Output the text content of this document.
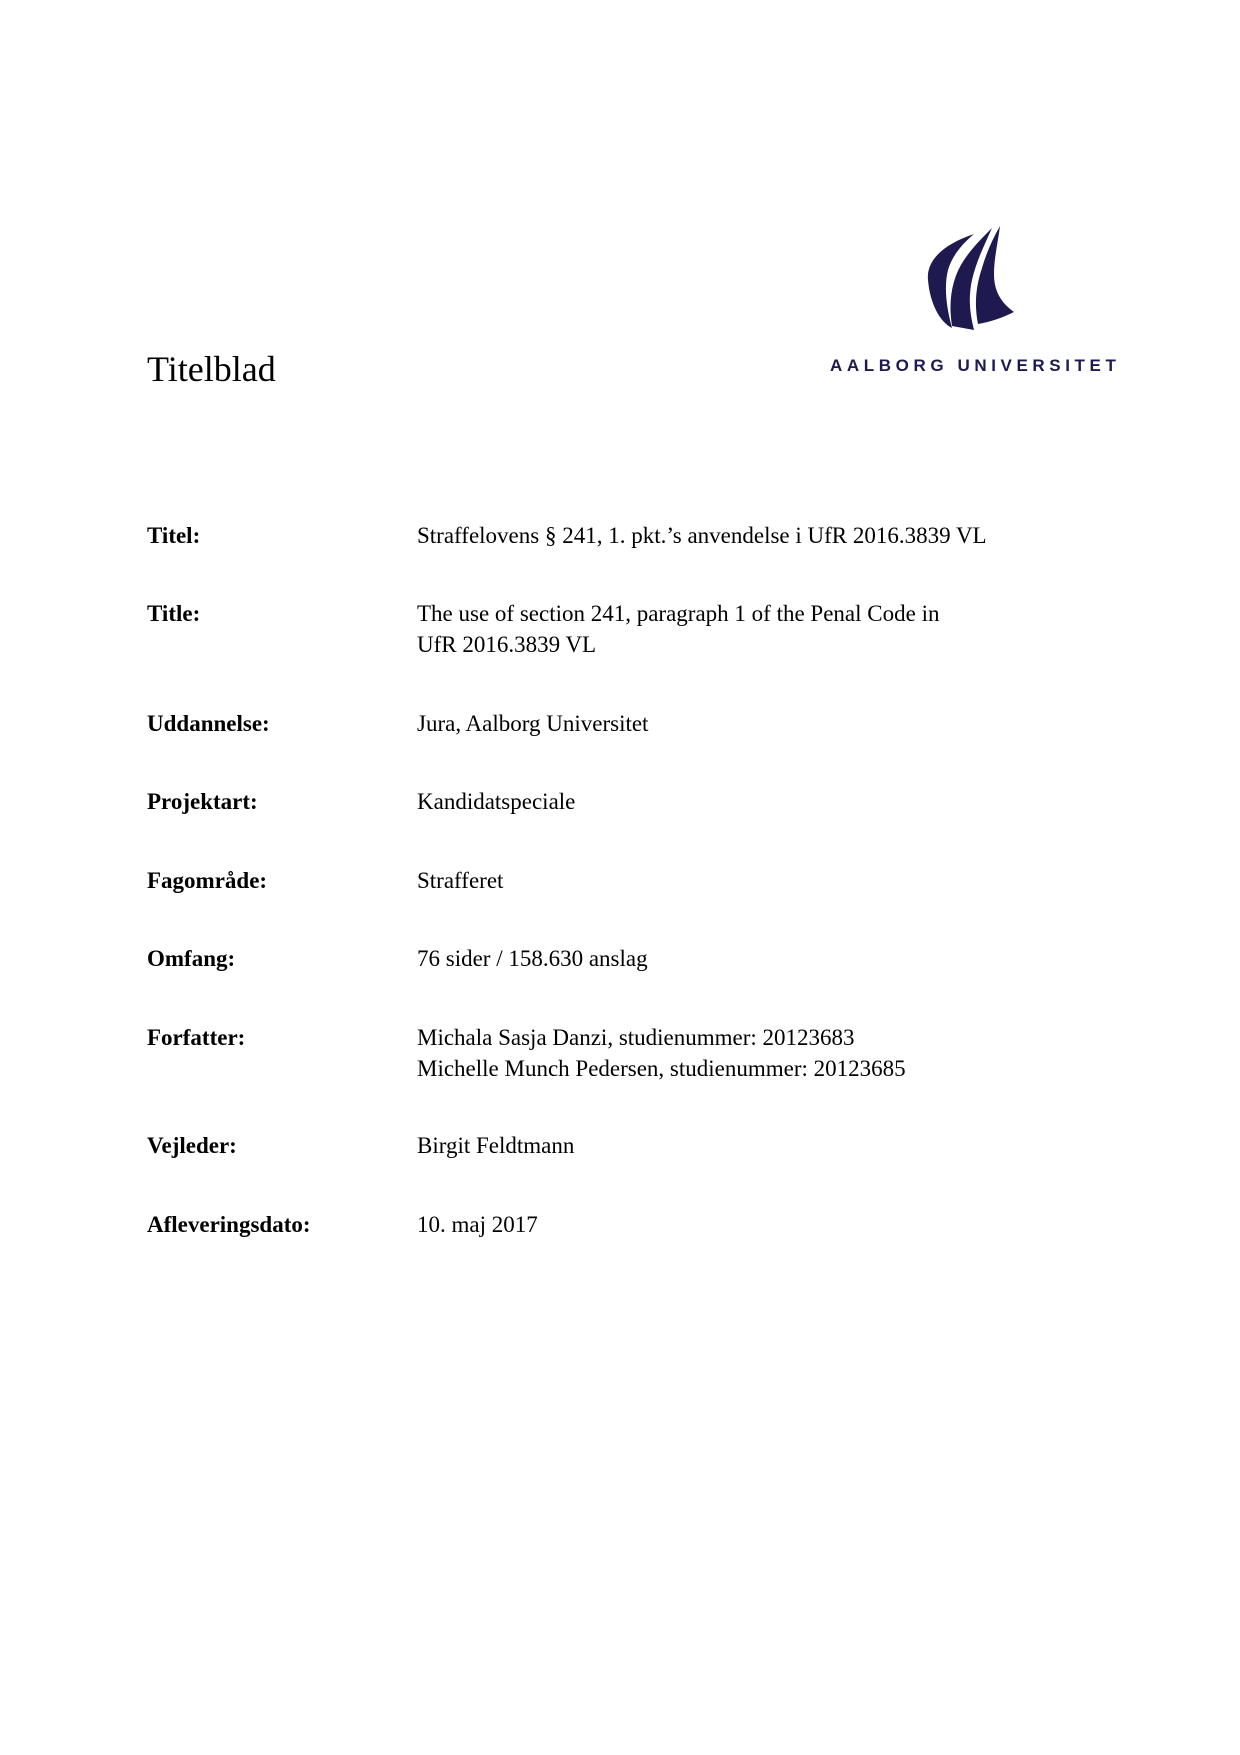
Titelblad	AALBORG UNIVERSITET
Titel:	Straffelovens § 241, 1. pkt.’s anvendelse i UfR 2016.3839 VL
Title:	The use of section 241, paragraph 1 of the Penal Code in
UfR 2016.3839 VL
Uddannelse:	Jura, Aalborg Universitet
Projektart:	Kandidatspeciale
Fagområde:	Strafferet
Omfang:	76 sider / 158.630 anslag
Forfatter:	Michala Sasja Danzi, studienummer: 20123683
Michelle Munch Pedersen, studienummer: 20123685
Vejleder:	Birgit Feldtmann
Afleveringsdato:	10. maj 2017
